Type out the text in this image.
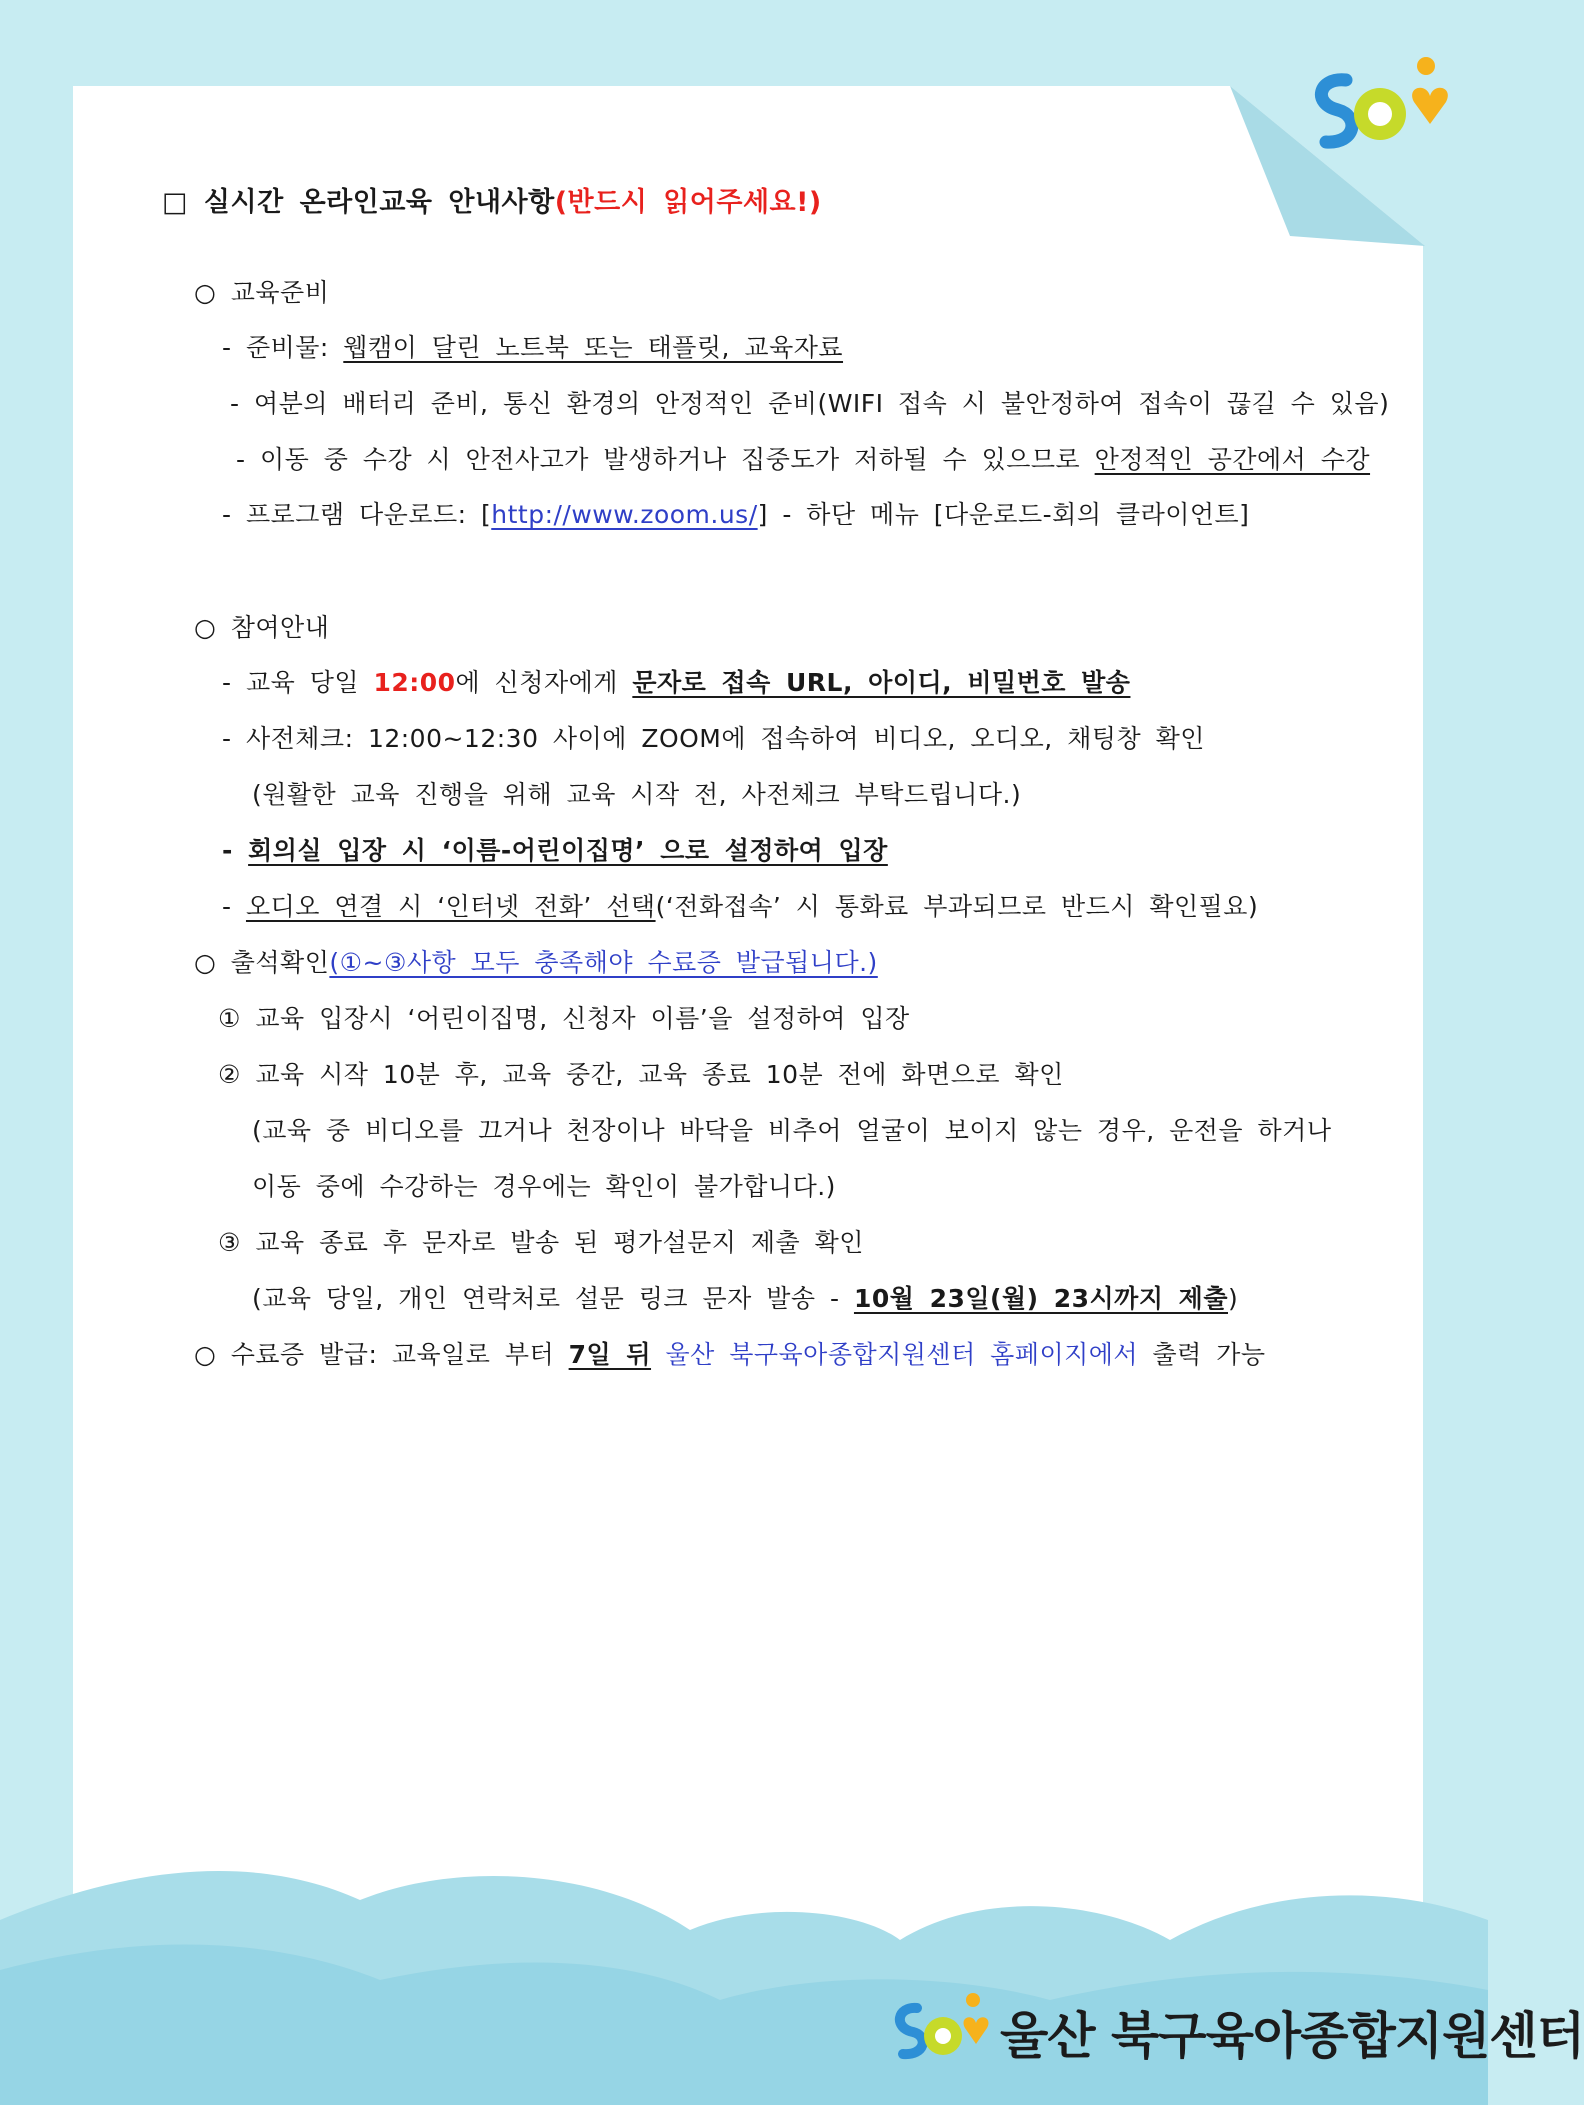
□ 실시간 온라인교육 안내사항(반드시 읽어주세요!)
○ 교육준비
- 준비물: 웹캠이 달린 노트북 또는 태플릿, 교육자료
- 여분의 배터리 준비, 통신 환경의 안정적인 준비(WIFI 접속 시 불안정하여 접속이 끊길 수 있음)
- 이동 중 수강 시 안전사고가 발생하거나 집중도가 저하될 수 있으므로 안정적인 공간에서 수강
- 프로그램 다운로드: [http://www.zoom.us/] - 하단 메뉴 [다운로드-회의 클라이언트]
○ 참여안내
- 교육 당일 12:00에 신청자에게 문자로 접속 URL, 아이디, 비밀번호 발송
- 사전체크: 12:00~12:30 사이에 ZOOM에 접속하여 비디오, 오디오, 채팅창 확인
(원활한 교육 진행을 위해 교육 시작 전, 사전체크 부탁드립니다.)
- 회의실 입장 시 ‘이름-어린이집명’ 으로 설정하여 입장
- 오디오 연결 시 ‘인터넷 전화’ 선택(‘전화접속’ 시 통화료 부과되므로 반드시 확인필요)
○ 출석확인(①~③사항 모두 충족해야 수료증 발급됩니다.)
① 교육 입장시 ‘어린이집명, 신청자 이름’을 설정하여 입장
② 교육 시작 10분 후, 교육 중간, 교육 종료 10분 전에 화면으로 확인
(교육 중 비디오를 끄거나 천장이나 바닥을 비추어 얼굴이 보이지 않는 경우, 운전을 하거나
이동 중에 수강하는 경우에는 확인이 불가합니다.)
③ 교육 종료 후 문자로 발송 된 평가설문지 제출 확인
(교육 당일, 개인 연락처로 설문 링크 문자 발송 - 10월 23일(월) 23시까지 제출)
○ 수료증 발급: 교육일로 부터 7일 뒤 울산 북구육아종합지원센터 홈페이지에서 출력 가능
울산 북구육아종합지원센터
